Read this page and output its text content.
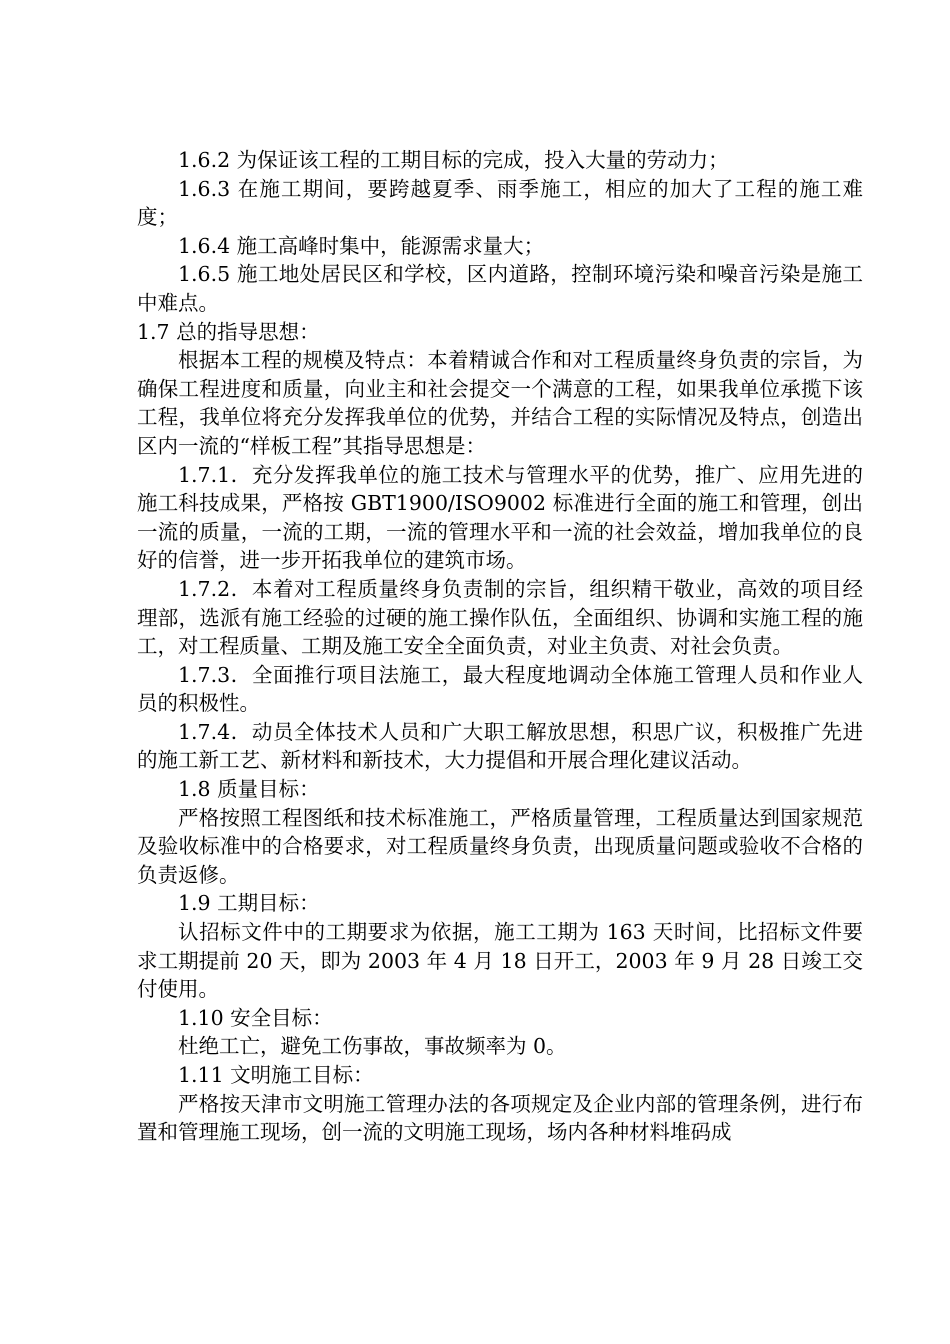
1.6.2 为保证该工程的工期目标的完成，投入大量的劳动力；

1.6.3 在施工期间，要跨越夏季、雨季施工，相应的加大了工程的施工难度；

1.6.4 施工高峰时集中，能源需求量大；

1.6.5 施工地处居民区和学校，区内道路，控制环境污染和噪音污染是施工中难点。

1.7 总的指导思想：

根据本工程的规模及特点：本着精诚合作和对工程质量终身负责的宗旨，为确保工程进度和质量，向业主和社会提交一个满意的工程，如果我单位承揽下该工程，我单位将充分发挥我单位的优势，并结合工程的实际情况及特点，创造出区内一流的“样板工程”其指导思想是：

1.7.1．充分发挥我单位的施工技术与管理水平的优势，推广、应用先进的施工科技成果，严格按 GBT1900/ISO9002 标准进行全面的施工和管理，创出一流的质量，一流的工期，一流的管理水平和一流的社会效益，增加我单位的良好的信誉，进一步开拓我单位的建筑市场。

1.7.2．本着对工程质量终身负责制的宗旨，组织精干敬业，高效的项目经理部，选派有施工经验的过硬的施工操作队伍，全面组织、协调和实施工程的施工，对工程质量、工期及施工安全全面负责，对业主负责、对社会负责。

1.7.3．全面推行项目法施工，最大程度地调动全体施工管理人员和作业人员的积极性。

1.7.4．动员全体技术人员和广大职工解放思想，积思广议，积极推广先进的施工新工艺、新材料和新技术，大力提倡和开展合理化建议活动。

1.8 质量目标：

严格按照工程图纸和技术标准施工，严格质量管理，工程质量达到国家规范及验收标准中的合格要求，对工程质量终身负责，出现质量问题或验收不合格的负责返修。

1.9 工期目标：

认招标文件中的工期要求为依据，施工工期为 163 天时间，比招标文件要求工期提前 20 天，即为 2003 年 4 月 18 日开工，2003 年 9 月 28 日竣工交付使用。

1.10 安全目标：

杜绝工亡，避免工伤事故，事故频率为 0。

1.11 文明施工目标：

严格按天津市文明施工管理办法的各项规定及企业内部的管理条例，进行布置和管理施工现场，创一流的文明施工现场，场内各种材料堆码成
